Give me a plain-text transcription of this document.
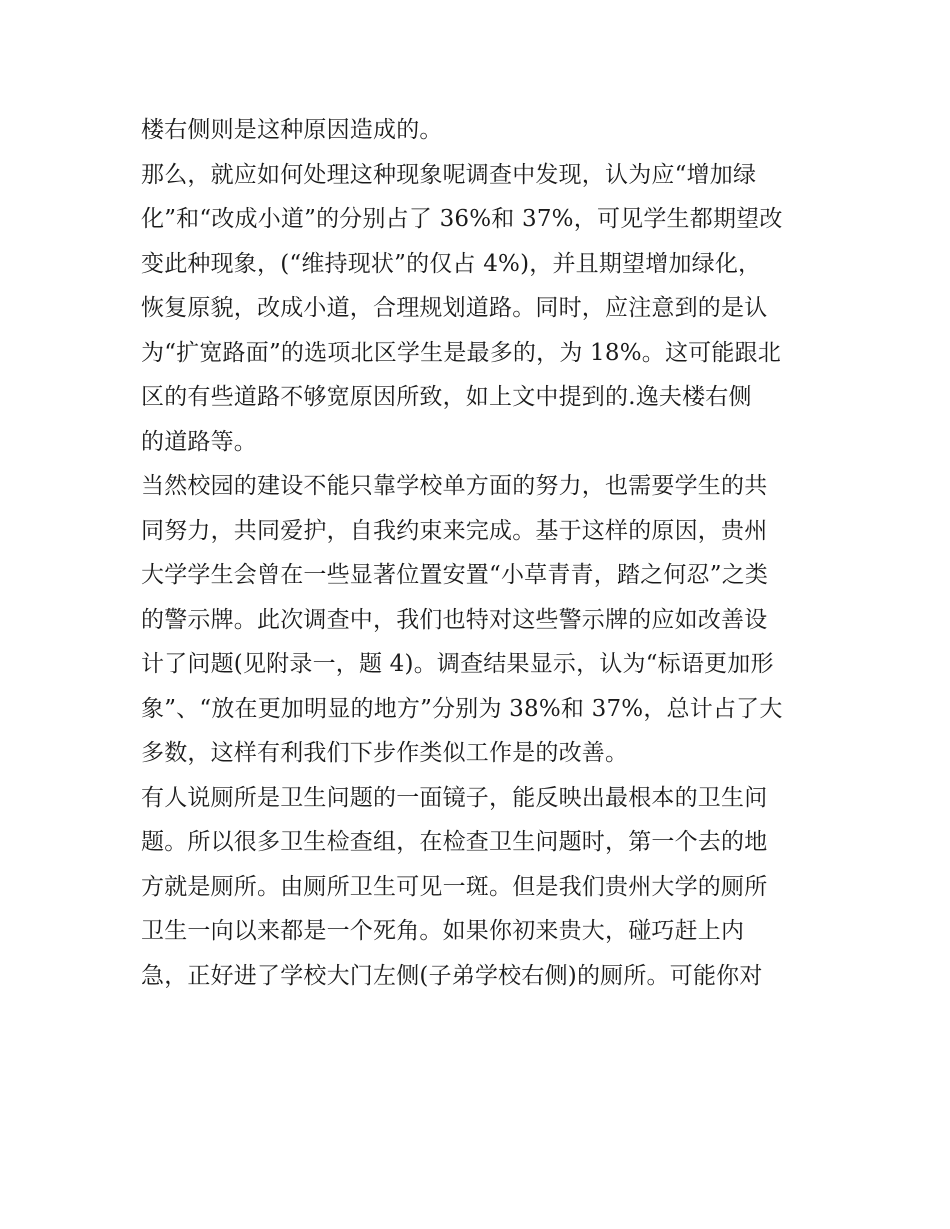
楼右侧则是这种原因造成的。
那么，就应如何处理这种现象呢调查中发现，认为应“增加绿
化”和“改成小道”的分别占了 36%和 37%，可见学生都期望改
变此种现象，(“维持现状”的仅占 4%)，并且期望增加绿化，
恢复原貌，改成小道，合理规划道路。同时，应注意到的是认
为“扩宽路面”的选项北区学生是最多的，为 18%。这可能跟北
区的有些道路不够宽原因所致，如上文中提到的.逸夫楼右侧
的道路等。
当然校园的建设不能只靠学校单方面的努力，也需要学生的共
同努力，共同爱护，自我约束来完成。基于这样的原因，贵州
大学学生会曾在一些显著位置安置“小草青青，踏之何忍”之类
的警示牌。此次调查中，我们也特对这些警示牌的应如改善设
计了问题(见附录一，题 4)。调查结果显示，认为“标语更加形
象”、“放在更加明显的地方”分别为 38%和 37%，总计占了大
多数，这样有利我们下步作类似工作是的改善。
有人说厕所是卫生问题的一面镜子，能反映出最根本的卫生问
题。所以很多卫生检查组，在检查卫生问题时，第一个去的地
方就是厕所。由厕所卫生可见一斑。但是我们贵州大学的厕所
卫生一向以来都是一个死角。如果你初来贵大，碰巧赶上内
急，正好进了学校大门左侧(子弟学校右侧)的厕所。可能你对
